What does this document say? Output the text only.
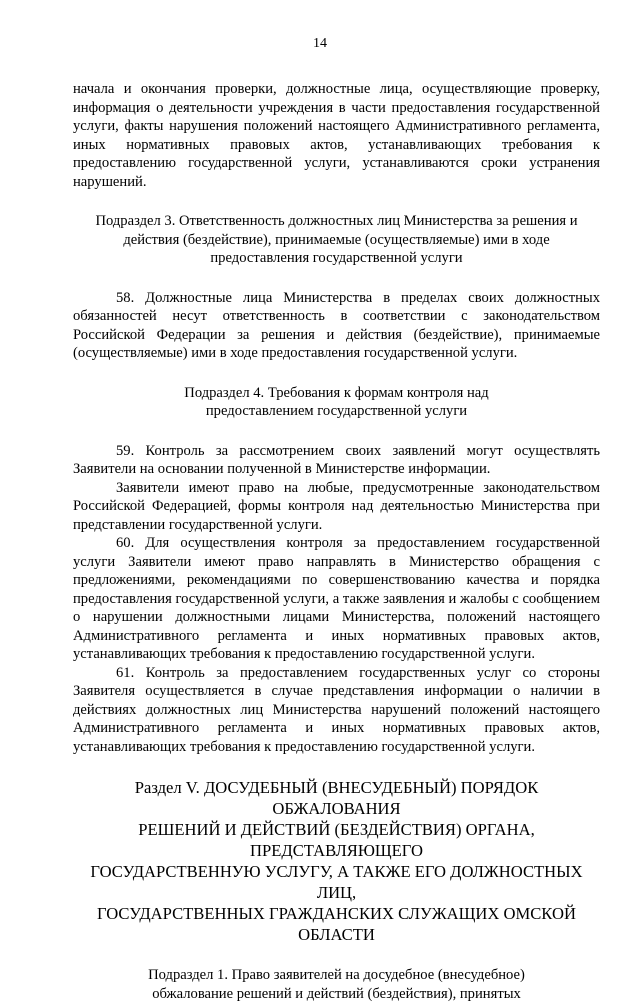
14

начала и окончания проверки, должностные лица, осуществляющие проверку, информация о деятельности учреждения в части предоставления государственной услуги, факты нарушения положений настоящего Административного регламента, иных нормативных правовых актов, устанавливающих требования к предоставлению государственной услуги, устанавливаются сроки устранения нарушений.

Подраздел 3. Ответственность должностных лиц Министерства за решения и
действия (бездействие), принимаемые (осуществляемые) ими в ходе
предоставления государственной услуги

58. Должностные лица Министерства в пределах своих должностных обязанностей несут ответственность в соответствии с законодательством Российской Федерации за решения и действия (бездействие), принимаемые (осуществляемые) ими в ходе предоставления государственной услуги.

Подраздел 4. Требования к формам контроля над
предоставлением государственной услуги

59. Контроль за рассмотрением своих заявлений могут осуществлять Заявители на основании полученной в Министерстве информации.

Заявители имеют право на любые, предусмотренные законодательством Российской Федерацией, формы контроля над деятельностью Министерства при представлении государственной услуги.

60. Для осуществления контроля за предоставлением государственной услуги Заявители имеют право направлять в Министерство обращения с предложениями, рекомендациями по совершенствованию качества и порядка предоставления государственной услуги, а также заявления и жалобы с сообщением о нарушении должностными лицами Министерства, положений настоящего Административного регламента и иных нормативных правовых актов, устанавливающих требования к предоставлению государственной услуги.

61. Контроль за предоставлением государственных услуг со стороны Заявителя осуществляется в случае представления информации о наличии в действиях должностных лиц Министерства нарушений положений настоящего Административного регламента и иных нормативных правовых актов, устанавливающих требования к предоставлению государственной услуги.

Раздел V. ДОСУДЕБНЫЙ (ВНЕСУДЕБНЫЙ) ПОРЯДОК ОБЖАЛОВАНИЯ
РЕШЕНИЙ И ДЕЙСТВИЙ (БЕЗДЕЙСТВИЯ) ОРГАНА, ПРЕДСТАВЛЯЮЩЕГО
ГОСУДАРСТВЕННУЮ УСЛУГУ, А ТАКЖЕ ЕГО ДОЛЖНОСТНЫХ ЛИЦ,
ГОСУДАРСТВЕННЫХ ГРАЖДАНСКИХ СЛУЖАЩИХ ОМСКОЙ ОБЛАСТИ
Подраздел 1. Право заявителей на досудебное (внесудебное)
обжалование решений и действий (бездействия), принятых
